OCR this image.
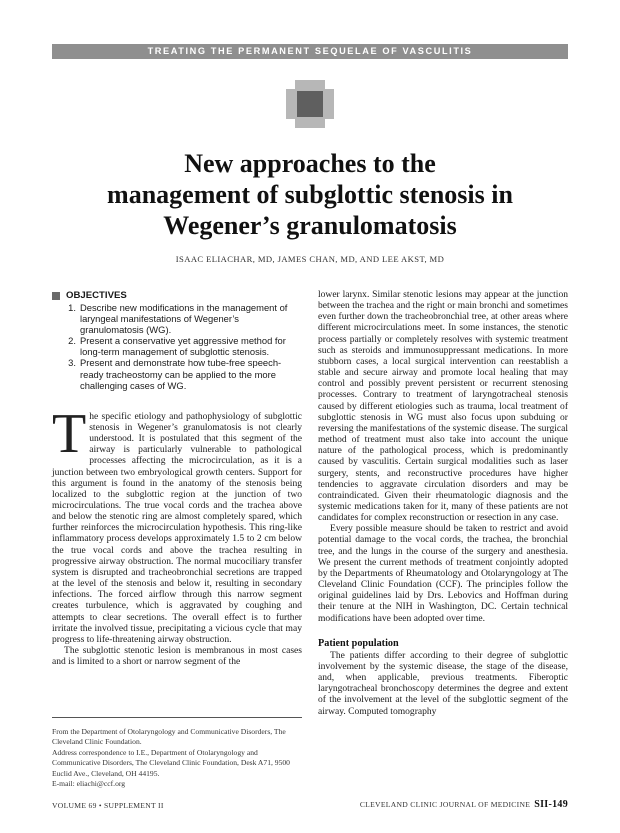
TREATING THE PERMANENT SEQUELAE OF VASCULITIS
New approaches to the
management of subglottic stenosis in
Wegener’s granulomatosis
ISAAC ELIACHAR, MD, JAMES CHAN, MD, AND LEE AKST, MD
OBJECTIVES
1. Describe new modifications in the management of laryngeal manifestations of Wegener’s granulomatosis (WG).
2. Present a conservative yet aggressive method for long-term management of subglottic stenosis.
3. Present and demonstrate how tube-free speech-ready tracheostomy can be applied to the more challenging cases of WG.

The specific etiology and pathophysiology of subglottic stenosis in Wegener’s granulomatosis is not clearly understood. It is postulated that this segment of the airway is particularly vulnerable to pathological processes affecting the microcirculation, as it is a junction between two embryological growth centers. Support for this argument is found in the anatomy of the stenosis being localized to the subglottic region at the junction of two microcirculations. The true vocal cords and the trachea above and below the stenotic ring are almost completely spared, which further reinforces the microcirculation hypothesis. This ring-like inflammatory process develops approximately 1.5 to 2 cm below the true vocal cords and above the trachea resulting in progressive airway obstruction. The normal mucociliary transfer system is disrupted and tracheobronchial secretions are trapped at the level of the stenosis and below it, resulting in secondary infections. The forced airflow through this narrow segment creates turbulence, which is aggravated by coughing and attempts to clear secretions. The overall effect is to further irritate the involved tissue, precipitating a vicious cycle that may progress to life-threatening airway obstruction.

The subglottic stenotic lesion is membranous in most cases and is limited to a short or narrow segment of the

From the Department of Otolaryngology and Communicative Disorders, The Cleveland Clinic Foundation.

Address correspondence to I.E., Department of Otolaryngology and Communicative Disorders, The Cleveland Clinic Foundation, Desk A71, 9500 Euclid Ave., Cleveland, OH 44195.

E-mail: eliachi@ccf.org

lower larynx. Similar stenotic lesions may appear at the junction between the trachea and the right or main bronchi and sometimes even further down the tracheobronchial tree, at other areas where different microcirculations meet. In some instances, the stenotic process partially or completely resolves with systemic treatment such as steroids and immunosuppressant medications. In more stubborn cases, a local surgical intervention can reestablish a stable and secure airway and promote local healing that may control and possibly prevent persistent or recurrent stenosing processes. Contrary to treatment of laryngotracheal stenosis caused by different etiologies such as trauma, local treatment of subglottic stenosis in WG must also focus upon subduing or reversing the manifestations of the systemic disease. The surgical method of treatment must also take into account the unique nature of the pathological process, which is predominantly caused by vasculitis. Certain surgical modalities such as laser surgery, stents, and reconstructive procedures have higher tendencies to aggravate circulation disorders and may be contraindicated. Given their rheumatologic diagnosis and the systemic medications taken for it, many of these patients are not candidates for complex reconstruction or resection in any case.

Every possible measure should be taken to restrict and avoid potential damage to the vocal cords, the trachea, the bronchial tree, and the lungs in the course of the surgery and anesthesia. We present the current methods of treatment conjointly adopted by the Departments of Rheumatology and Otolaryngology at The Cleveland Clinic Foundation (CCF). The principles follow the original guidelines laid by Drs. Lebovics and Hoffman during their tenure at the NIH in Washington, DC. Certain technical modifications have been adopted over time.

Patient population

The patients differ according to their degree of subglottic involvement by the systemic disease, the stage of the disease, and, when applicable, previous treatments. Fiberoptic laryngotracheal bronchoscopy determines the degree and extent of the involvement at the level of the subglottic segment of the airway. Computed tomography

VOLUME 69 • SUPPLEMENT II	CLEVELAND CLINIC JOURNAL OF MEDICINE SII-149
